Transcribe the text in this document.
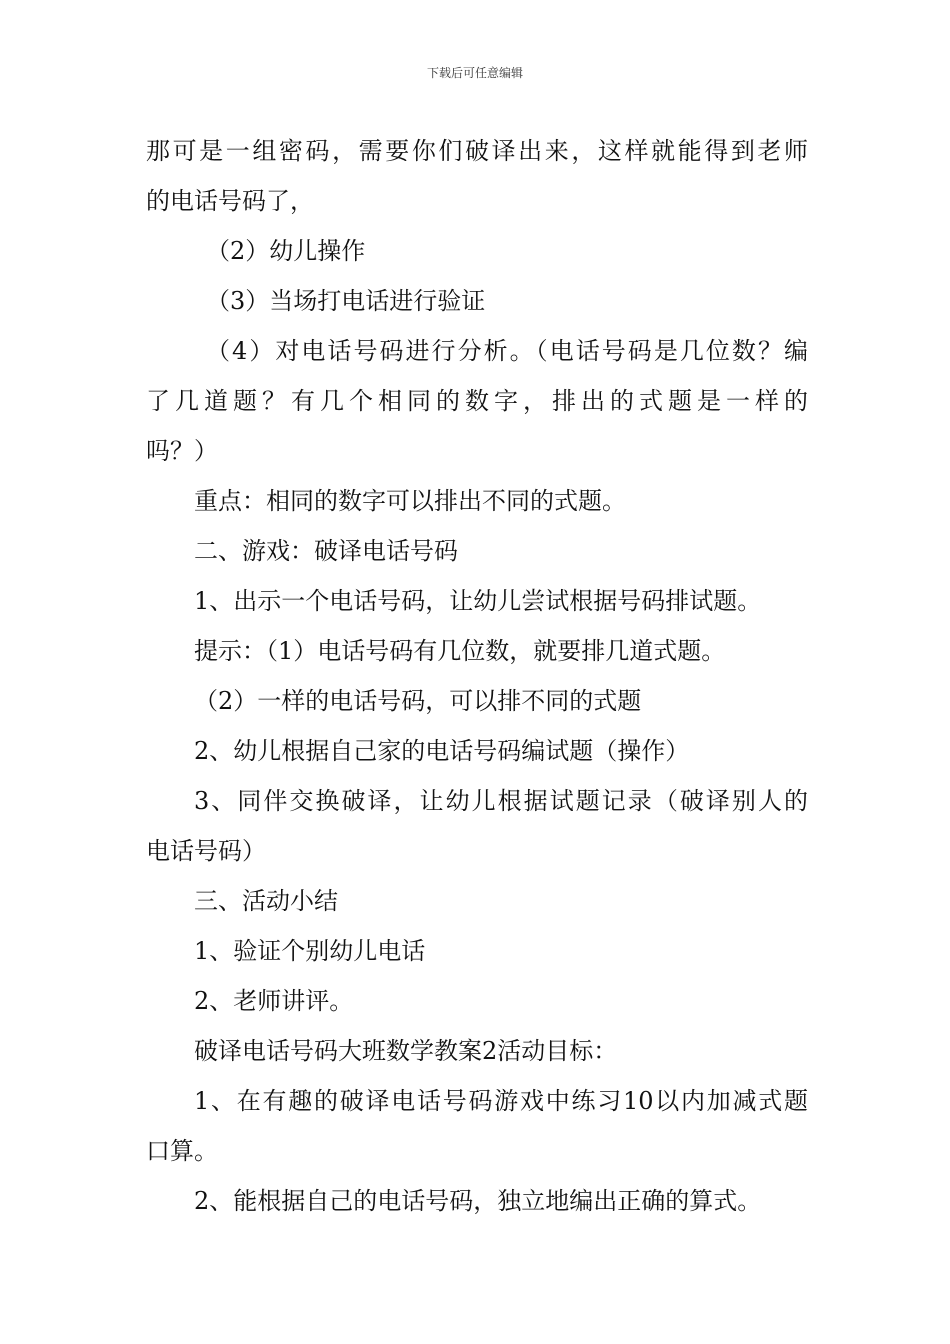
下载后可任意编辑
那可是一组密码，需要你们破译出来，这样就能得到老师
的电话号码了，
（2）幼儿操作
（3）当场打电话进行验证
（4）对电话号码进行分析。（电话号码是几位数？编
了几道题？有几个相同的数字，排出的式题是一样的
吗？）
重点：相同的数字可以排出不同的式题。
二、游戏：破译电话号码
1、出示一个电话号码，让幼儿尝试根据号码排试题。
提示：（1）电话号码有几位数，就要排几道式题。
（2）一样的电话号码，可以排不同的式题
2、幼儿根据自己家的电话号码编试题（操作）
3、同伴交换破译，让幼儿根据试题记录（破译别人的
电话号码）
三、活动小结
1、验证个别幼儿电话
2、老师讲评。
破译电话号码大班数学教案2活动目标：
1、在有趣的破译电话号码游戏中练习10以内加减式题
口算。
2、能根据自己的电话号码，独立地编出正确的算式。
